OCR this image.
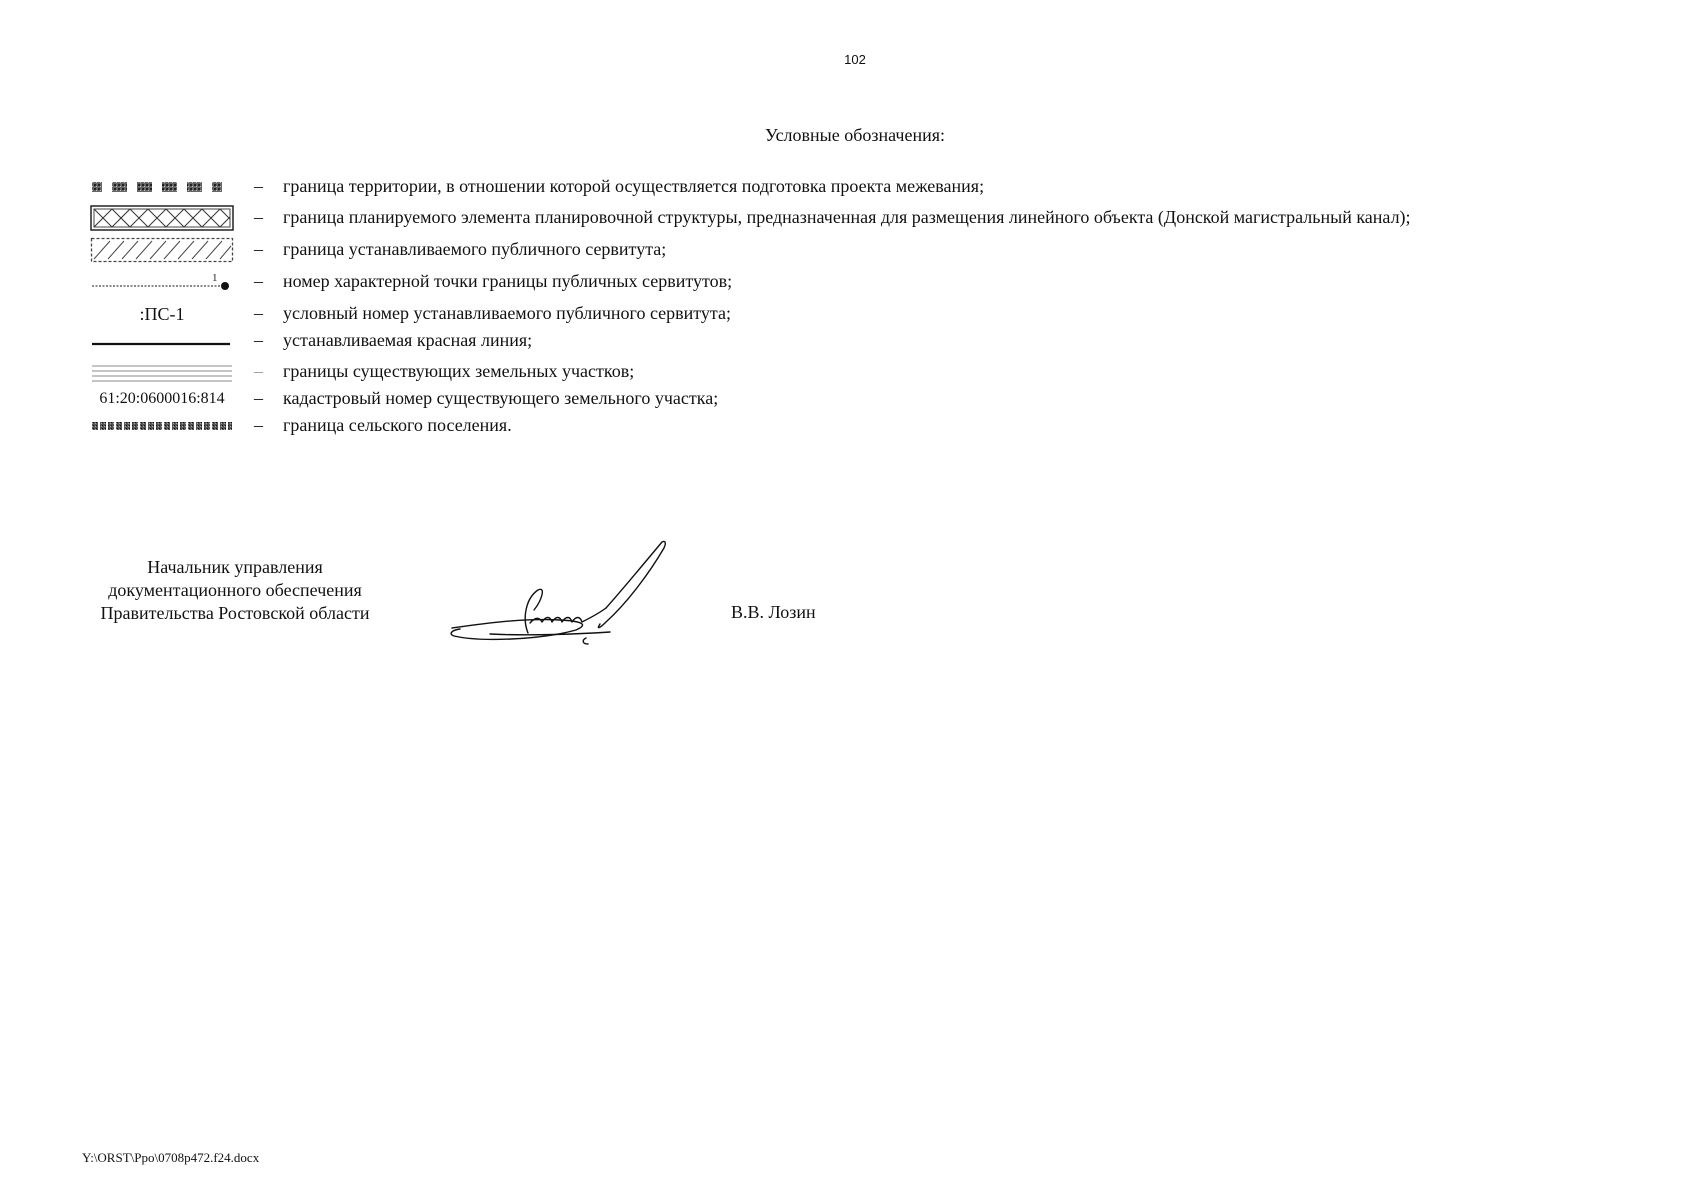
102
Условные обозначения:
– граница территории, в отношении которой осуществляется подготовка проекта межевания;
– граница планируемого элемента планировочной структуры, предназначенная для размещения линейного объекта (Донской магистральный канал);
– граница устанавливаемого публичного сервитута;
1 – номер характерной точки границы публичных сервитутов;
:ПС-1	– условный номер устанавливаемого публичного сервитута;
– устанавливаемая красная линия;
– границы существующих земельных участков;
61:20:0600016:814 – кадастровый номер существующего земельного участка;
– граница сельского поселения.
Начальник управления
документационного обеспечения
Правительства Ростовской области	В.В. Лозин
Y:\ORST\Ppo\0708p472.f24.docx
